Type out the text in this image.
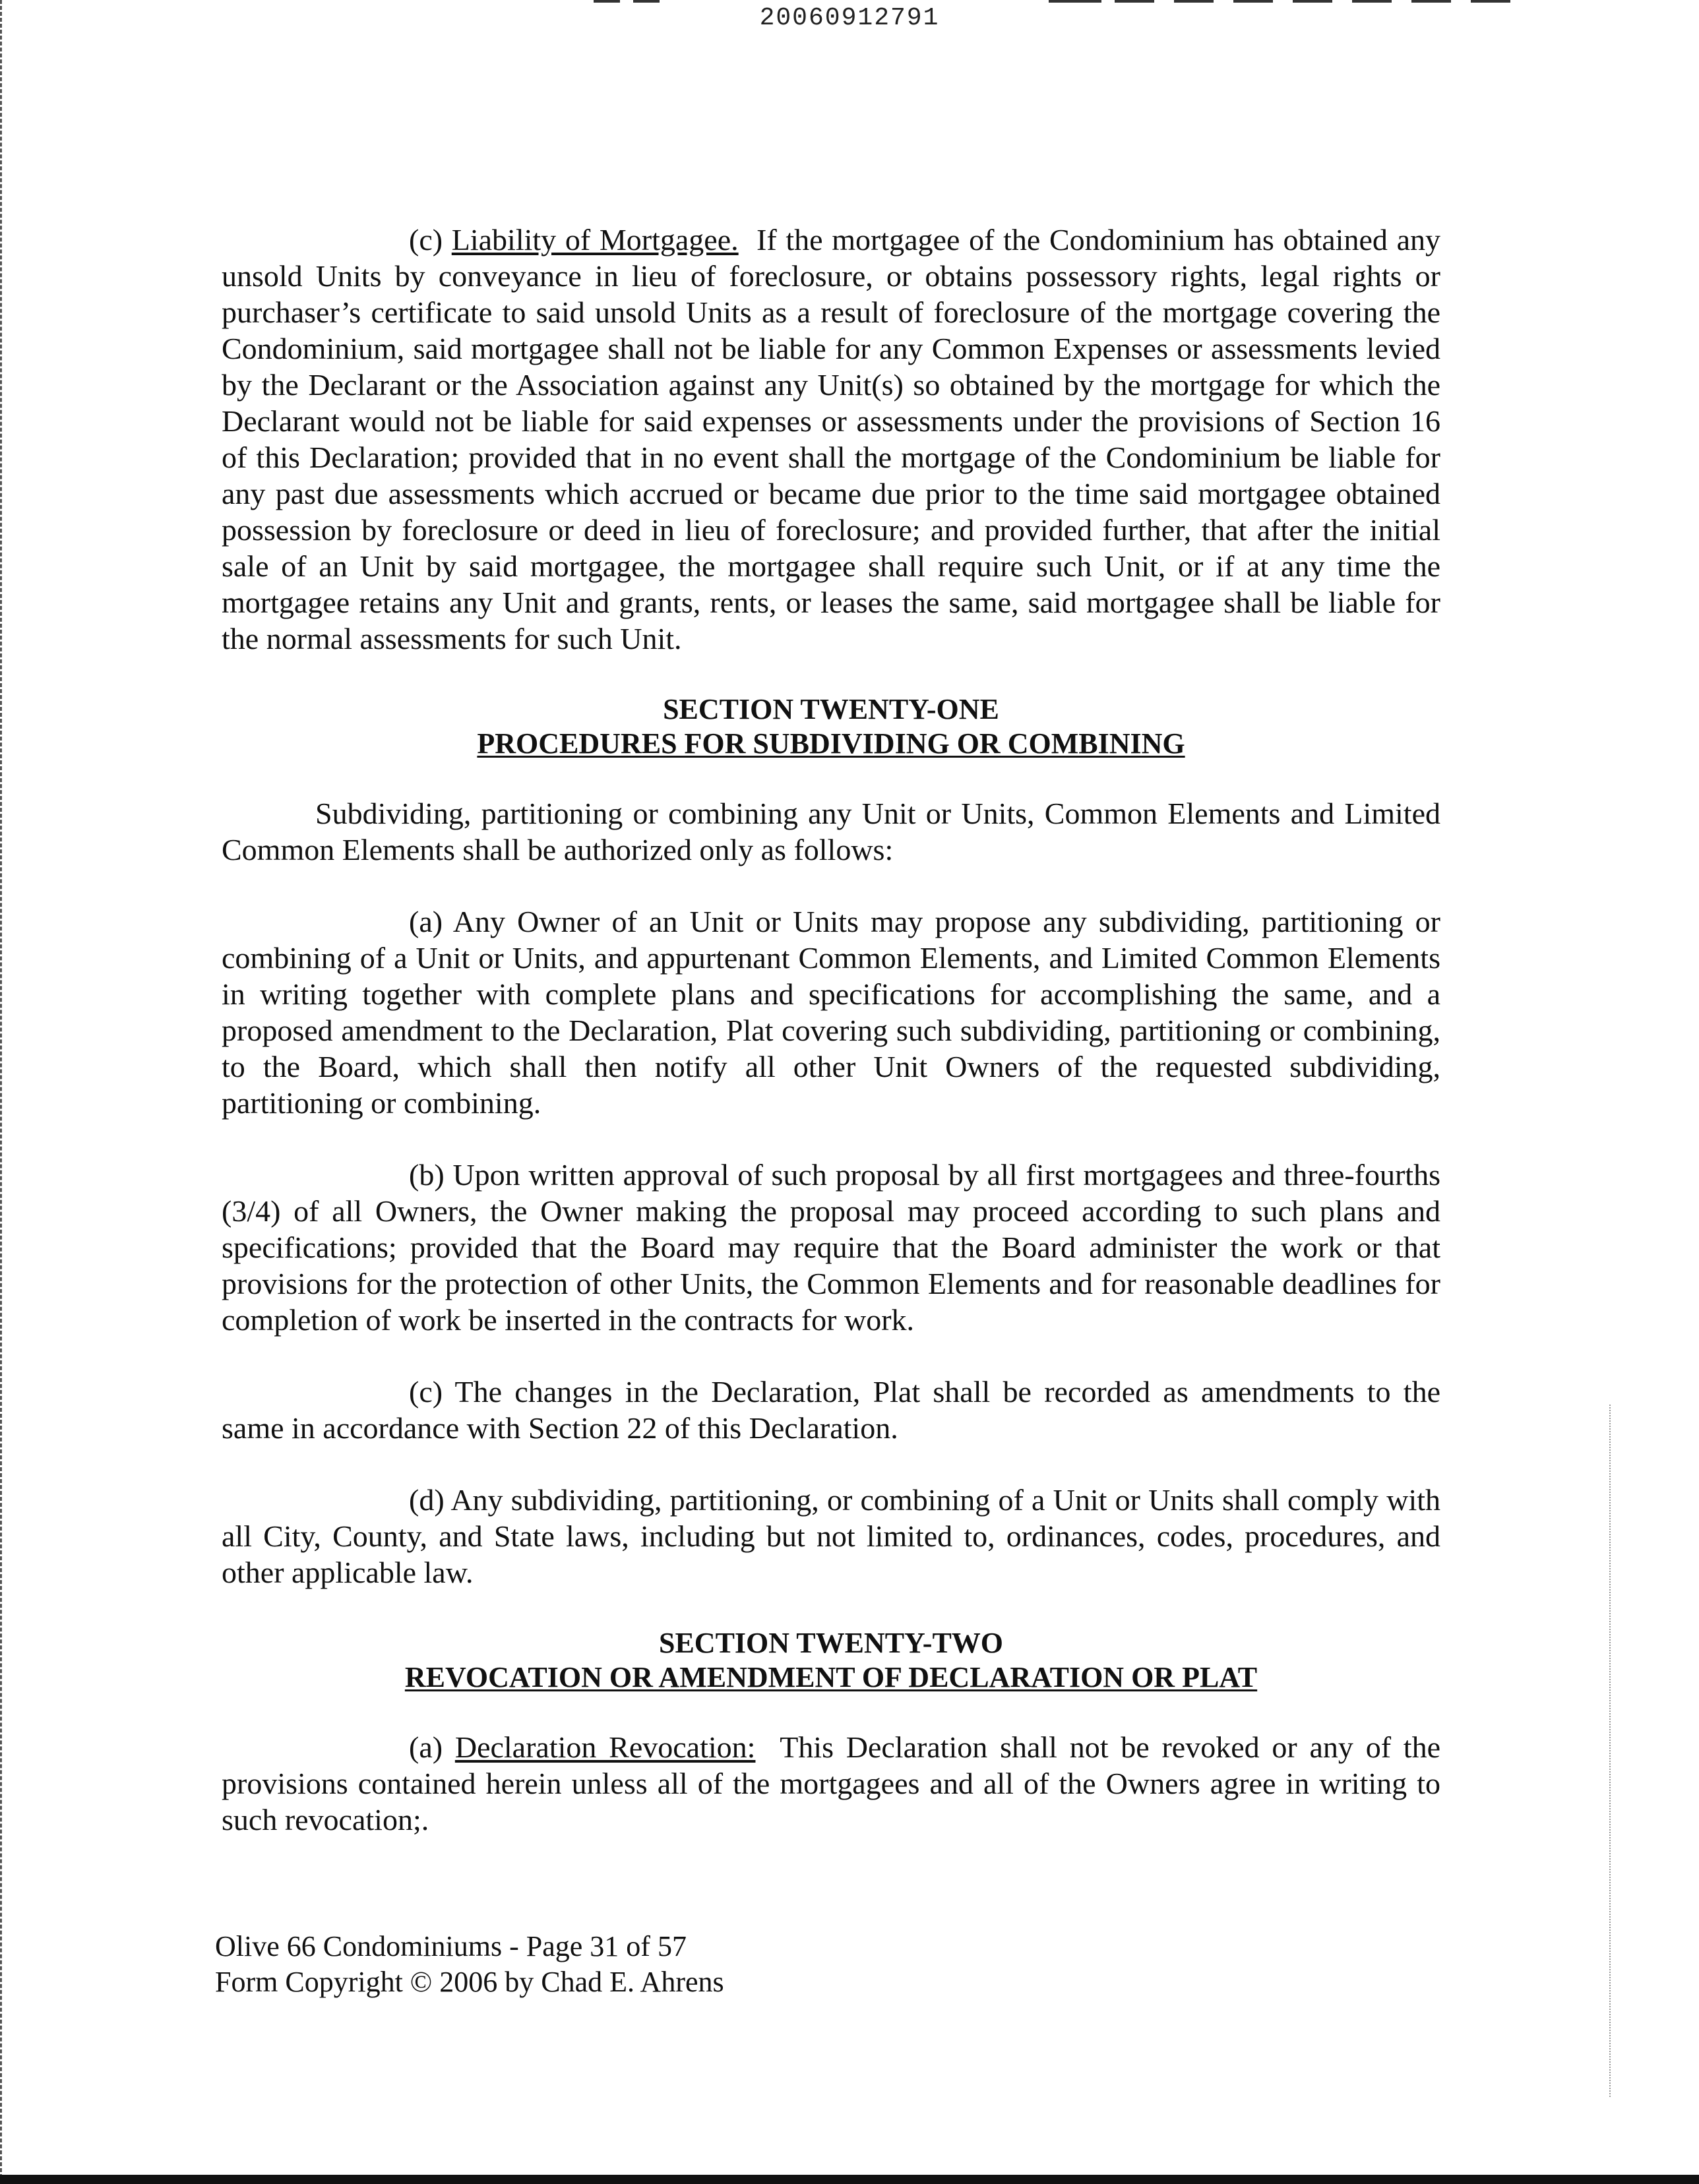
20060912791

(c) Liability of Mortgagee. If the mortgagee of the Condominium has obtained any unsold Units by conveyance in lieu of foreclosure, or obtains possessory rights, legal rights or purchaser’s certificate to said unsold Units as a result of foreclosure of the mortgage covering the Condominium, said mortgagee shall not be liable for any Common Expenses or assessments levied by the Declarant or the Association against any Unit(s) so obtained by the mortgage for which the Declarant would not be liable for said expenses or assessments under the provisions of Section 16 of this Declaration; provided that in no event shall the mortgage of the Condominium be liable for any past due assessments which accrued or became due prior to the time said mortgagee obtained possession by foreclosure or deed in lieu of foreclosure; and provided further, that after the initial sale of an Unit by said mortgagee, the mortgagee shall require such Unit, or if at any time the mortgagee retains any Unit and grants, rents, or leases the same, said mortgagee shall be liable for the normal assessments for such Unit.

SECTION TWENTY-ONE

PROCEDURES FOR SUBDIVIDING OR COMBINING

Subdividing, partitioning or combining any Unit or Units, Common Elements and Limited Common Elements shall be authorized only as follows:

(a) Any Owner of an Unit or Units may propose any subdividing, partitioning or combining of a Unit or Units, and appurtenant Common Elements, and Limited Common Elements in writing together with complete plans and specifications for accomplishing the same, and a proposed amendment to the Declaration, Plat covering such subdividing, partitioning or combining, to the Board, which shall then notify all other Unit Owners of the requested subdividing, partitioning or combining.

(b) Upon written approval of such proposal by all first mortgagees and three-fourths (3/4) of all Owners, the Owner making the proposal may proceed according to such plans and specifications; provided that the Board may require that the Board administer the work or that provisions for the protection of other Units, the Common Elements and for reasonable deadlines for completion of work be inserted in the contracts for work.

(c) The changes in the Declaration, Plat shall be recorded as amendments to the same in accordance with Section 22 of this Declaration.

(d) Any subdividing, partitioning, or combining of a Unit or Units shall comply with all City, County, and State laws, including but not limited to, ordinances, codes, procedures, and other applicable law.

SECTION TWENTY-TWO

REVOCATION OR AMENDMENT OF DECLARATION OR PLAT

(a) Declaration Revocation: This Declaration shall not be revoked or any of the provisions contained herein unless all of the mortgagees and all of the Owners agree in writing to such revocation;.

Olive 66 Condominiums - Page 31 of 57
Form Copyright © 2006 by Chad E. Ahrens
